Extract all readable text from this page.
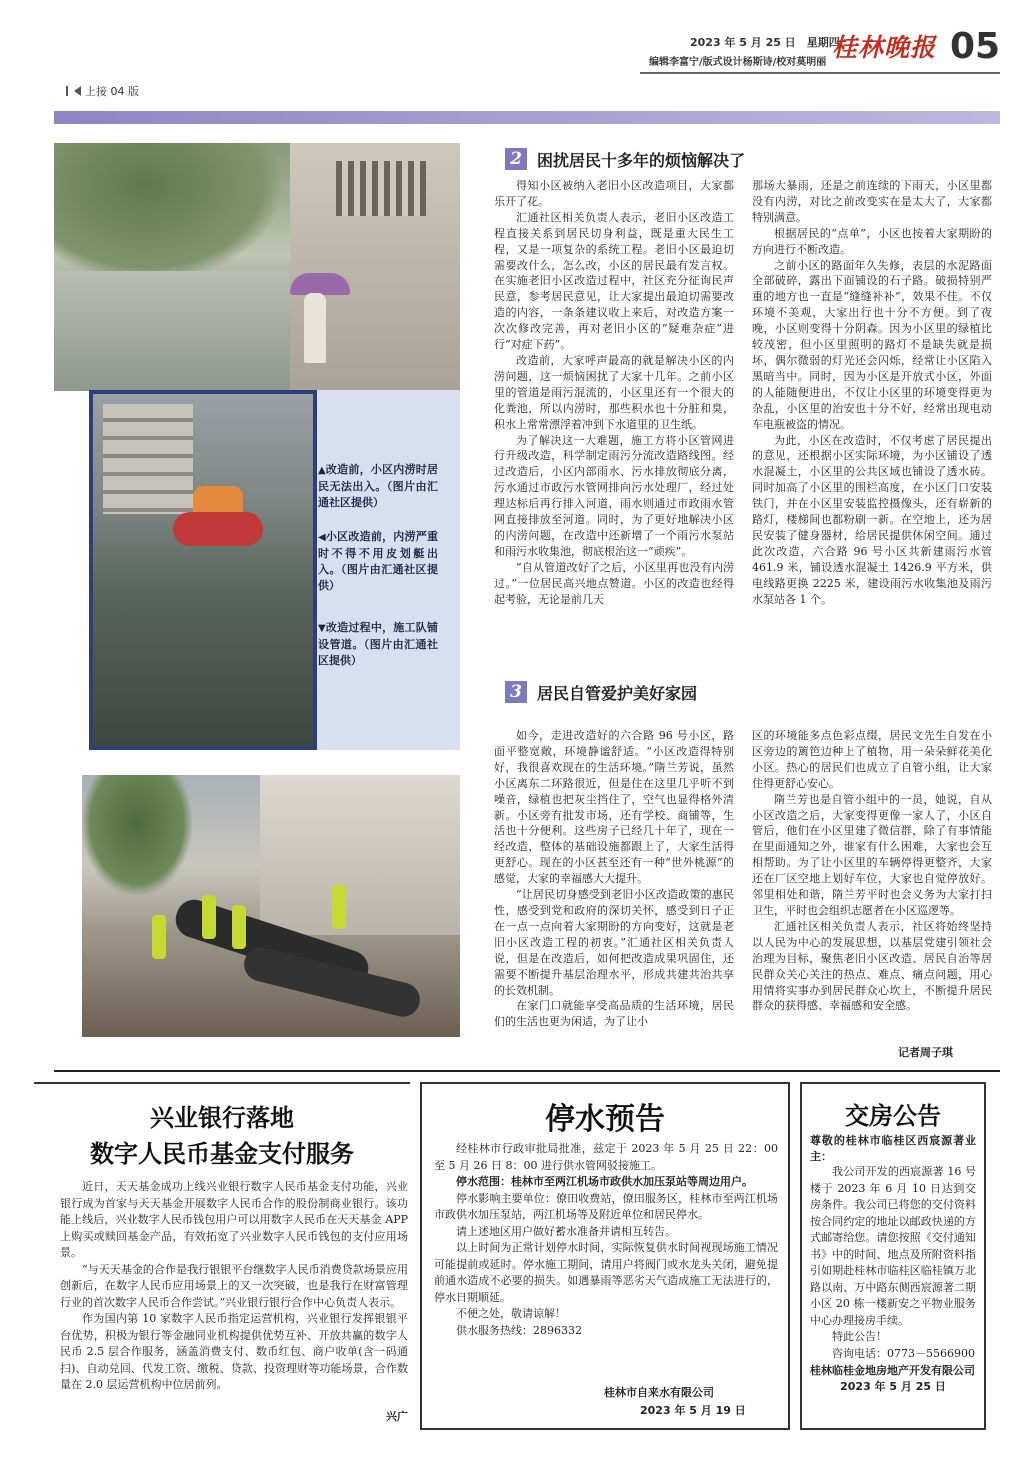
2023 年 5 月 25 日　星期四
编辑李富宁/版式设计杨斯诗/校对莫明丽
桂林晚报 05
上接 04 版
▲改造前，小区内涝时居民无法出入。（图片由汇通社区提供）
◀小区改造前，内涝严重时不得不用皮划艇出入。（图片由汇通社区提供）
▼改造过程中，施工队铺设管道。（图片由汇通社区提供）
2 困扰居民十多年的烦恼解决了

得知小区被纳入老旧小区改造项目，大家都乐开了花。

汇通社区相关负责人表示，老旧小区改造工程直接关系到居民切身利益，既是重大民生工程，又是一项复杂的系统工程。老旧小区最迫切需要改什么，怎么改，小区的居民最有发言权。在实施老旧小区改造过程中，社区充分征询民声民意，参考居民意见，让大家提出最迫切需要改造的内容，一条条建议收上来后，对改造方案一次次修改完善，再对老旧小区的“疑难杂症”进行“对症下药”。

改造前，大家呼声最高的就是解决小区的内涝问题，这一烦恼困扰了大家十几年。之前小区里的管道是雨污混流的，小区里还有一个很大的化粪池，所以内涝时，那些积水也十分脏和臭，积水上常常漂浮着冲到下水道里的卫生纸。

为了解决这一大难题，施工方将小区管网进行升级改造，科学制定雨污分流改造路线图。经过改造后，小区内部雨水、污水排放彻底分离，污水通过市政污水管网排向污水处理厂，经过处理达标后再行排入河道，雨水则通过市政雨水管网直接排放至河道。同时，为了更好地解决小区的内涝问题，在改造中还新增了一个雨污水泵站和雨污水收集池，彻底根治这一“顽疾”。

“自从管道改好了之后，小区里再也没有内涝过。”一位居民高兴地点赞道。小区的改造也经得起考验，无论是前几天

那场大暴雨，还是之前连续的下雨天，小区里都没有内涝，对比之前改变实在是太大了，大家都特别满意。

根据居民的“点单”，小区也按着大家期盼的方向进行不断改造。

之前小区的路面年久失修，表层的水泥路面全部破碎，露出下面铺设的石子路。破损特别严重的地方也一直是“缝缝补补”，效果不佳。不仅环境不美观，大家出行也十分不方便。到了夜晚，小区则变得十分阴森。因为小区里的绿植比较茂密，但小区里照明的路灯不是缺失就是损坏，偶尔微弱的灯光还会闪烁，经常让小区陷入黑暗当中。同时，因为小区是开放式小区，外面的人能随便进出，不仅让小区里的环境变得更为杂乱，小区里的治安也十分不好，经常出现电动车电瓶被盗的情况。

为此，小区在改造时，不仅考虑了居民提出的意见，还根据小区实际环境，为小区铺设了透水混凝土，小区里的公共区域也铺设了透水砖。同时加高了小区里的围栏高度，在小区门口安装铁门，并在小区里安装监控摄像头，还有崭新的路灯，楼梯间也都粉刷一新。在空地上，还为居民安装了健身器材，给居民提供休闲空间。通过此次改造，六合路 96 号小区共新建雨污水管 461.9 米，铺设透水混凝土 1426.9 平方米，供电线路更换 2225 米，建设雨污水收集池及雨污水泵站各 1 个。

3 居民自管爱护美好家园

如今，走进改造好的六合路 96 号小区，路面平整宽敞，环境静谧舒适。“小区改造得特别好，我很喜欢现在的生活环境。”隋兰芳说，虽然小区离东二环路很近，但是住在这里几乎听不到噪音，绿植也把灰尘挡住了，空气也显得格外清新。小区旁有批发市场，还有学校、商铺等，生活也十分便利。这些房子已经几十年了，现在一经改造，整体的基础设施都跟上了，大家生活得更舒心。现在的小区甚至还有一种“世外桃源”的感觉，大家的幸福感大大提升。

“让居民切身感受到老旧小区改造政策的惠民性，感受到党和政府的深切关怀，感受到日子正在一点一点向着大家期盼的方向变好，这就是老旧小区改造工程的初衷。”汇通社区相关负责人说，但是在改造后，如何把改造成果巩固住，还需要不断提升基层治理水平，形成共建共治共享的长效机制。

在家门口就能享受高品质的生活环境，居民们的生活也更为闲适，为了让小

区的环境能多点色彩点缀，居民文先生自发在小区旁边的篱笆边种上了植物，用一朵朵鲜花美化小区。热心的居民们也成立了自管小组，让大家住得更舒心安心。

隋兰芳也是自管小组中的一员，她说，自从小区改造之后，大家变得更像一家人了，小区自管后，他们在小区里建了微信群，除了有事情能在里面通知之外，谁家有什么困难，大家也会互相帮助。为了让小区里的车辆停得更整齐，大家还在厂区空地上划好车位，大家也自觉停放好。邻里相处和谐，隋兰芳平时也会义务为大家打扫卫生，平时也会组织志愿者在小区巡逻等。

汇通社区相关负责人表示，社区将始终坚持以人民为中心的发展思想，以基层党建引领社会治理为目标，聚焦老旧小区改造、居民自治等居民群众关心关注的热点、难点、痛点问题，用心用情将实事办到居民群众心坎上，不断提升居民群众的获得感、幸福感和安全感。

记者周子琪
兴业银行落地
数字人民币基金支付服务

近日，天天基金成功上线兴业银行数字人民币基金支付功能，兴业银行成为首家与天天基金开展数字人民币合作的股份制商业银行。该功能上线后，兴业数字人民币钱包用户可以用数字人民币在天天基金 APP 上购买或赎回基金产品，有效拓宽了兴业数字人民币钱包的支付应用场景。

“与天天基金的合作是我行银银平台继数字人民币消费贷款场景应用创新后，在数字人民币应用场景上的又一次突破，也是我行在财富管理行业的首次数字人民币合作尝试。”兴业银行银行合作中心负责人表示。

作为国内第 10 家数字人民币指定运营机构，兴业银行发挥银银平台优势，积极为银行等金融同业机构提供优势互补、开放共赢的数字人民币 2.5 层合作服务，涵盖消费支付、数币红包、商户收单(含一码通扫)、自动兑回、代发工资、缴税、贷款、投资理财等功能场景，合作数量在 2.0 层运营机构中位居前列。

兴广
停水预告

经桂林市行政审批局批准，兹定于 2023 年 5 月 25 日 22：00 至 5 月 26 日 8：00 进行供水管网驳接施工。

停水范围：桂林市至两江机场市政供水加压泵站等周边用户。

停水影响主要单位：僚田收费站，僚田服务区，桂林市至两江机场市政供水加压泵站，两江机场等及附近单位和居民停水。

请上述地区用户做好蓄水准备并请相互转告。

以上时间为正常计划停水时间，实际恢复供水时间视现场施工情况可能提前或延时。停水施工期间，请用户将阀门或水龙头关闭，避免提前通水造成不必要的损失。如遇暴雨等恶劣天气造成施工无法进行的，停水日期顺延。

不便之处，敬请谅解！

供水服务热线：2896332

桂林市自来水有限公司
2023 年 5 月 19 日
交房公告
尊敬的桂林市临桂区西宸源著业主：

我公司开发的西宸源著 16 号楼于 2023 年 6 月 10 日达到交房条件。我公司已将您的交付资料按合同约定的地址以邮政快递的方式邮寄给您。请您按照《交付通知书》中的时间、地点及所附资料指引如期赴桂林市临桂区临桂镇万北路以南、万中路东侧西宸源著二期小区 20 栋一楼新安之平物业服务中心办理接房手续。

特此公告！

咨询电话：0773－5566900

桂林临桂金地房地产开发有限公司
2023 年 5 月 25 日
